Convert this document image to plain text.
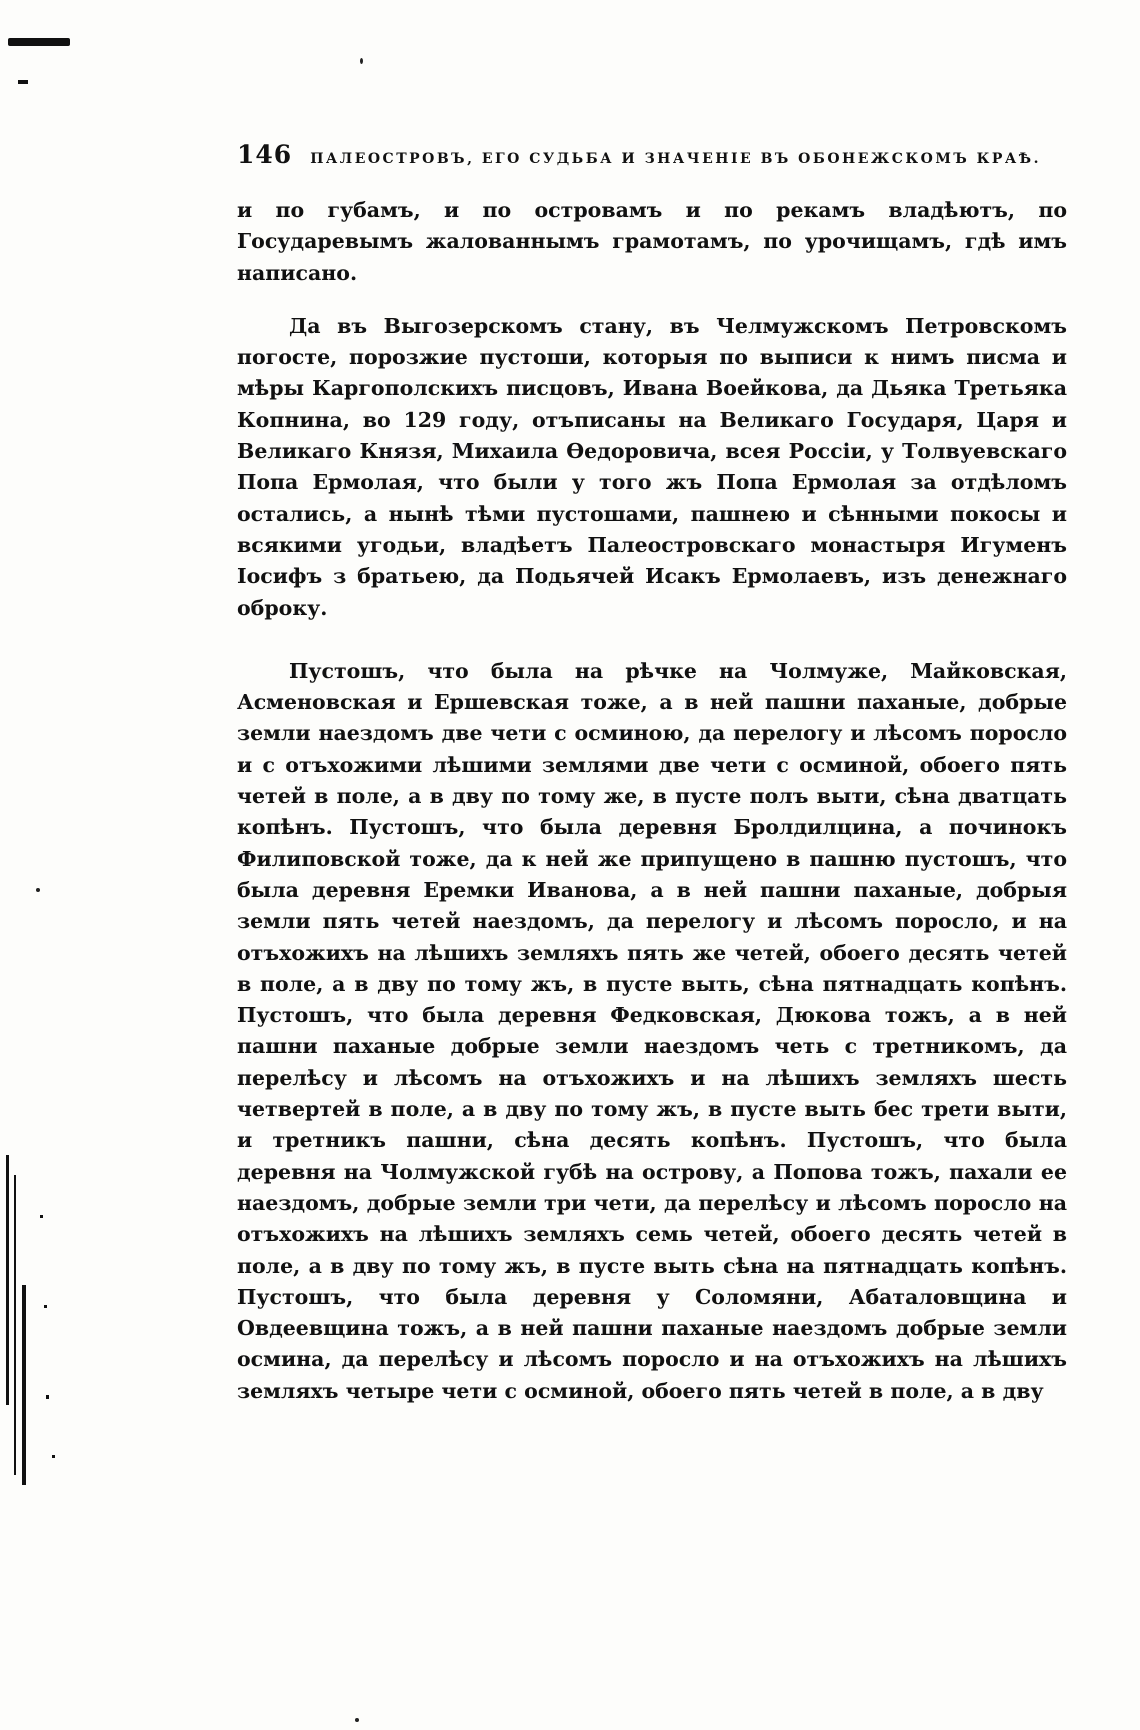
146 ПАЛЕОСТРОВЪ, ЕГО СУДЬБА И ЗНАЧЕНІЕ ВЪ ОБОНЕЖСКОМЪ КРАѢ.

и по губамъ, и по островамъ и по рекамъ владѣютъ, по Государевымъ жалованнымъ грамотамъ, по урочищамъ, гдѣ имъ написано.

Да въ Выгозерскомъ стану, въ Челмужскомъ Петровскомъ погосте, порозжие пустоши, которыя по выписи к нимъ писма и мѣры Каргополскихъ писцовъ, Ивана Воейкова, да Дьяка Третьяка Копнина, во 129 году, отъписаны на Великаго Государя, Царя и Великаго Князя, Михаила Ѳедоровича, всея Россіи, у Толвуевскаго Попа Ермолая, что были у того жъ Попа Ермолая за отдѣломъ остались, а нынѣ тѣми пустошами, пашнею и сѣнными покосы и всякими угодьи, владѣетъ Палеостровскаго монастыря Игуменъ Іосифъ з братьею, да Подьячей Исакъ Ермолаевъ, изъ денежнаго оброку.

Пустошъ, что была на рѣчке на Чолмуже, Майковская, Асменовская и Ершевская тоже, а в ней пашни паханые, добрые земли наездомъ две чети с осминою, да перелогу и лѣсомъ поросло и с отъхожими лѣшими землями две чети с осминой, обоего пять четей в поле, а в дву по тому же, в пусте полъ выти, сѣна дватцать копѣнъ. Пустошъ, что была деревня Бролдилцина, а починокъ Филиповской тоже, да к ней же припущено в пашню пустошъ, что была деревня Еремки Иванова, а в ней пашни паханые, добрыя земли пять четей наездомъ, да перелогу и лѣсомъ поросло, и на отъхожихъ на лѣшихъ земляхъ пять же четей, обоего десять четей в поле, а в дву по тому жъ, в пусте выть, сѣна пятнадцать копѣнъ. Пустошъ, что была деревня Федковская, Дюкова тожъ, а в ней пашни паханые добрые земли наездомъ четь с третникомъ, да перелѣсу и лѣсомъ на отъхожихъ и на лѣшихъ земляхъ шесть четвертей в поле, а в дву по тому жъ, в пусте выть бес трети выти, и третникъ пашни, сѣна десять копѣнъ. Пустошъ, что была деревня на Чолмужской губѣ на острову, а Попова тожъ, пахали ее наездомъ, добрые земли три чети, да перелѣсу и лѣсомъ поросло на отъхожихъ на лѣшихъ земляхъ семь четей, обоего десять четей в поле, а в дву по тому жъ, в пусте выть сѣна на пятнадцать копѣнъ. Пустошъ, что была деревня у Соломяни, Абаталовщина и Овдеевщина тожъ, а в ней пашни паханые наездомъ добрые земли осмина, да перелѣсу и лѣсомъ поросло и на отъхожихъ на лѣшихъ земляхъ четыре чети с осминой, обоего пять четей в поле, а в дву
